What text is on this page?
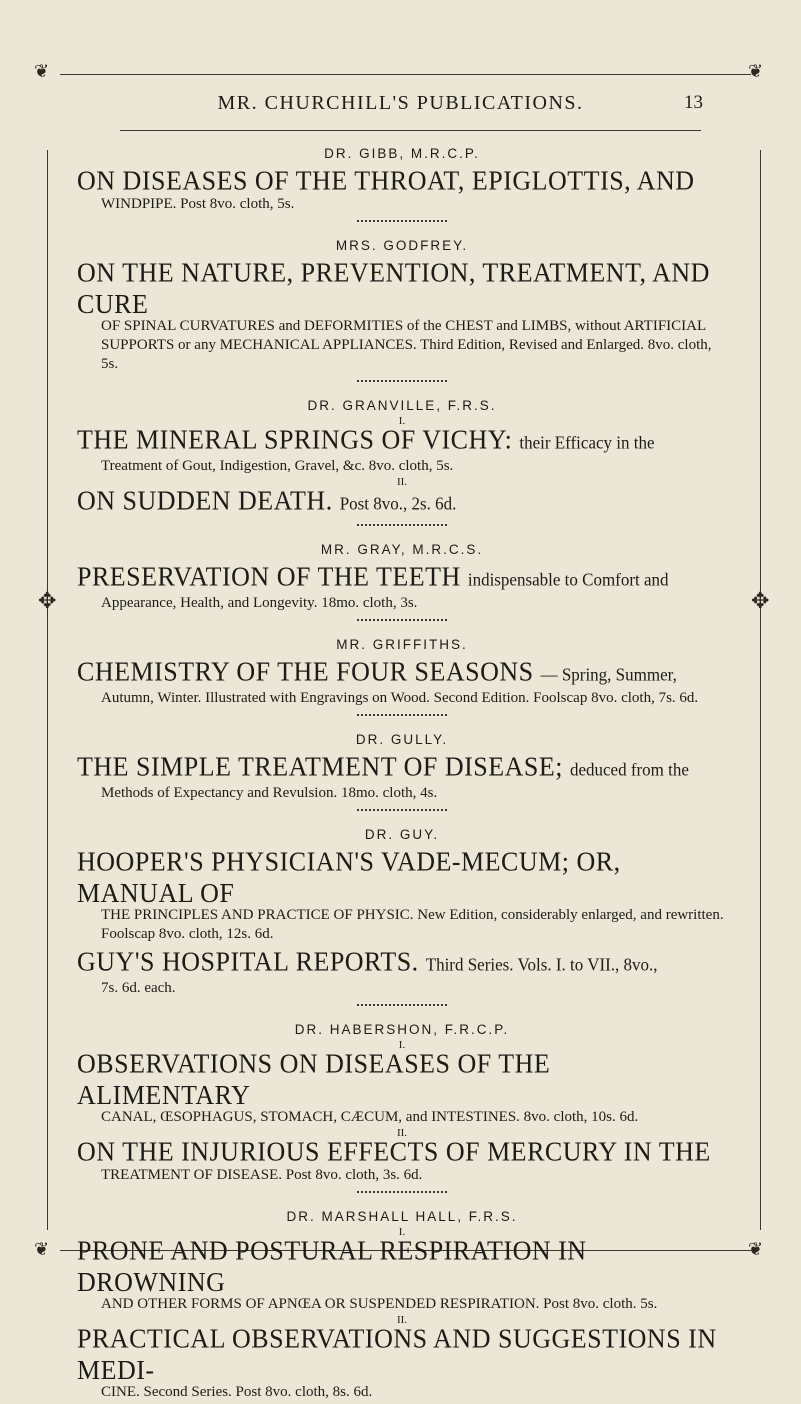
❦	❦
❦	❦
✥	✥
MR. CHURCHILL'S PUBLICATIONS.	13
DR. GIBB, M.R.C.P.
ON DISEASES OF THE THROAT, EPIGLOTTIS, AND
WINDPIPE. Post 8vo. cloth, 5s.
MRS. GODFREY.
ON THE NATURE, PREVENTION, TREATMENT, AND CURE
OF SPINAL CURVATURES and DEFORMITIES of the CHEST and LIMBS, without ARTIFICIAL SUPPORTS or any MECHANICAL APPLIANCES. Third Edition, Revised and Enlarged. 8vo. cloth, 5s.
DR. GRANVILLE, F.R.S.
I.
THE MINERAL SPRINGS OF VICHY: their Efficacy in the
Treatment of Gout, Indigestion, Gravel, &c. 8vo. cloth, 5s.
II.
ON SUDDEN DEATH. Post 8vo., 2s. 6d.
MR. GRAY, M.R.C.S.
PRESERVATION OF THE TEETH indispensable to Comfort and
Appearance, Health, and Longevity. 18mo. cloth, 3s.
MR. GRIFFITHS.
CHEMISTRY OF THE FOUR SEASONS — Spring, Summer,
Autumn, Winter. Illustrated with Engravings on Wood. Second Edition. Foolscap 8vo. cloth, 7s. 6d.
DR. GULLY.
THE SIMPLE TREATMENT OF DISEASE; deduced from the
Methods of Expectancy and Revulsion. 18mo. cloth, 4s.
DR. GUY.
HOOPER'S PHYSICIAN'S VADE-MECUM; OR, MANUAL OF
THE PRINCIPLES AND PRACTICE OF PHYSIC. New Edition, considerably enlarged, and rewritten. Foolscap 8vo. cloth, 12s. 6d.
GUY'S HOSPITAL REPORTS. Third Series. Vols. I. to VII., 8vo.,
7s. 6d. each.
DR. HABERSHON, F.R.C.P.
I.
OBSERVATIONS ON DISEASES OF THE ALIMENTARY
CANAL, ŒSOPHAGUS, STOMACH, CÆCUM, and INTESTINES. 8vo. cloth, 10s. 6d.
II.
ON THE INJURIOUS EFFECTS OF MERCURY IN THE
TREATMENT OF DISEASE. Post 8vo. cloth, 3s. 6d.
DR. MARSHALL HALL, F.R.S.
I.
PRONE AND POSTURAL RESPIRATION IN DROWNING
AND OTHER FORMS OF APNŒA OR SUSPENDED RESPIRATION. Post 8vo. cloth. 5s.
II.
PRACTICAL OBSERVATIONS AND SUGGESTIONS IN MEDI-
CINE. Second Series. Post 8vo. cloth, 8s. 6d.
